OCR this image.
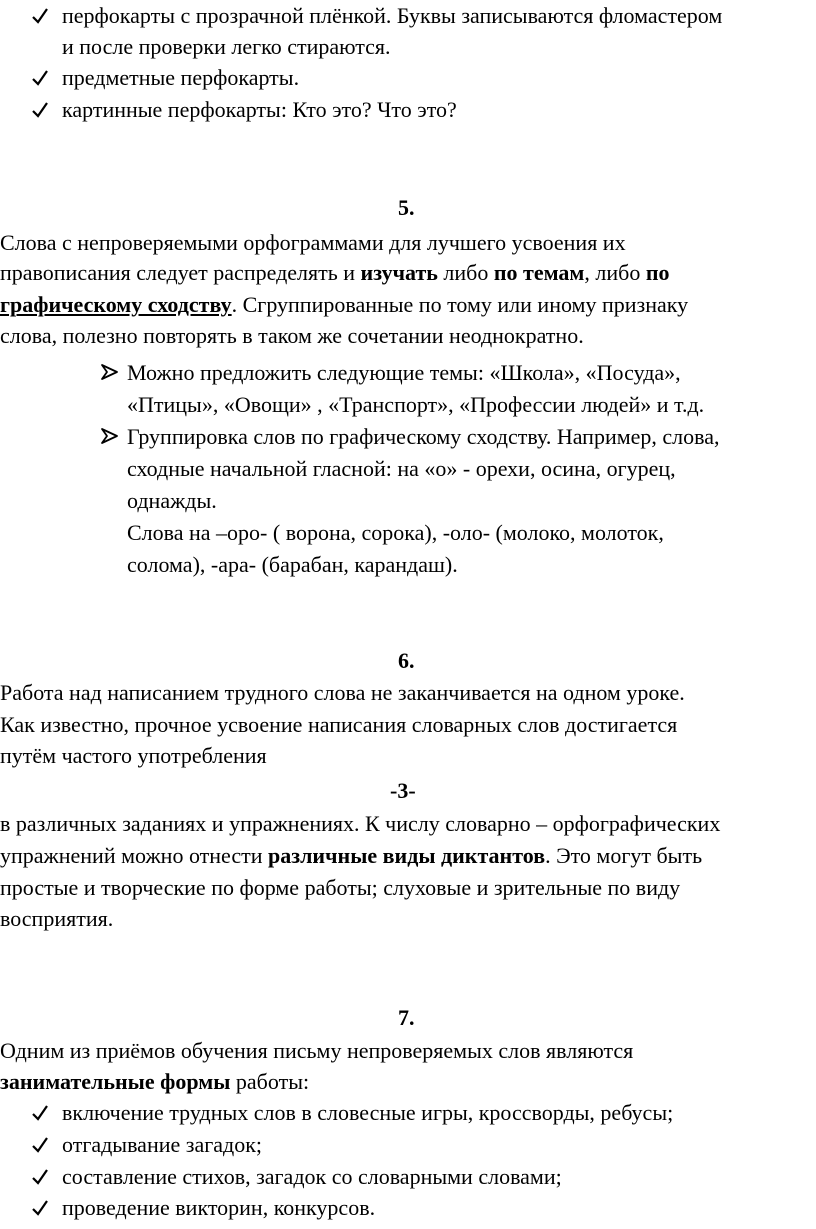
перфокарты с прозрачной плёнкой. Буквы записываются фломастером
и после проверки легко стираются.
предметные перфокарты.
картинные перфокарты: Кто это? Что это?
5.
Слова с непроверяемыми орфограммами для лучшего усвоения их
правописания следует распределять и изучать либо по темам, либо по
графическому сходству. Сгруппированные по тому или иному признаку
слова, полезно повторять в таком же сочетании неоднократно.
Можно предложить следующие темы: «Школа», «Посуда»,
«Птицы», «Овощи» , «Транспорт», «Профессии людей» и т.д.
Группировка слов по графическому сходству. Например, слова,
сходные начальной гласной: на «о» - орехи, осина, огурец,
однажды.
Слова на –оро- ( ворона, сорока), -оло- (молоко, молоток,
солома), -ара- (барабан, карандаш).
6.
Работа над написанием трудного слова не заканчивается на одном уроке.
Как известно, прочное усвоение написания словарных слов достигается
путём частого употребления
-3-
в различных заданиях и упражнениях. К числу словарно – орфографических
упражнений можно отнести различные виды диктантов. Это могут быть
простые и творческие по форме работы; слуховые и зрительные по виду
восприятия.
7.
Одним из приёмов обучения письму непроверяемых слов являются
занимательные формы работы:
включение трудных слов в словесные игры, кроссворды, ребусы;
отгадывание загадок;
составление стихов, загадок со словарными словами;
проведение викторин, конкурсов.
